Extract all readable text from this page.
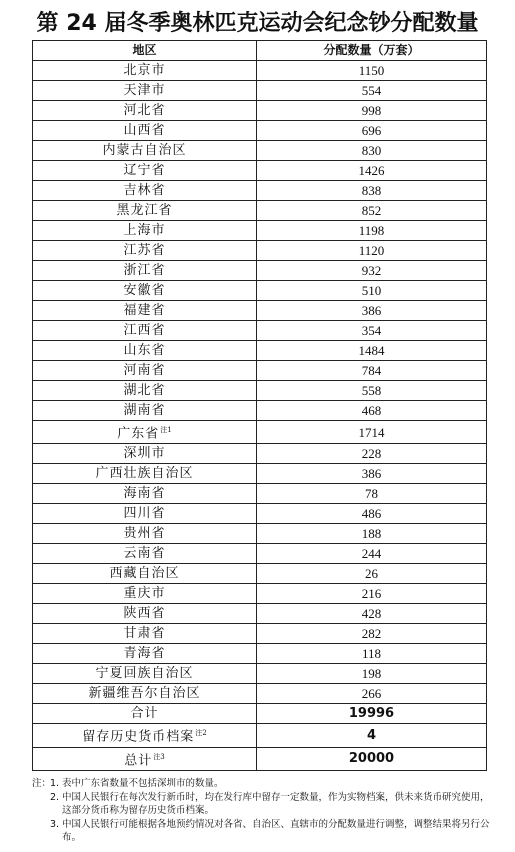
第 24 届冬季奥林匹克运动会纪念钞分配数量
地区	分配数量（万套）
北京市	1150
天津市	554
河北省	998
山西省	696
内蒙古自治区	830
辽宁省	1426
吉林省	838
黑龙江省	852
上海市	1198
江苏省	1120
浙江省	932
安徽省	510
福建省	386
江西省	354
山东省	1484
河南省	784
湖北省	558
湖南省	468
广东省$^{注1}$	1714
深圳市	228
广西壮族自治区	386
海南省	78
四川省	486
贵州省	188
云南省	244
西藏自治区	26
重庆市	216
陕西省	428
甘肃省	282
青海省	118
宁夏回族自治区	198
新疆维吾尔自治区	266
合计	19996
留存历史货币档案$^{注2}$	4
总计$^{注3}$	20000
注：
1. 表中广东省数量不包括深圳市的数量。
2. 中国人民银行在每次发行新币时，均在发行库中留存一定数量，作为实物档案，供未来货币研究使用，这部分货币称为留存历史货币档案。
3. 中国人民银行可能根据各地预约情况对各省、自治区、直辖市的分配数量进行调整，调整结果将另行公布。
